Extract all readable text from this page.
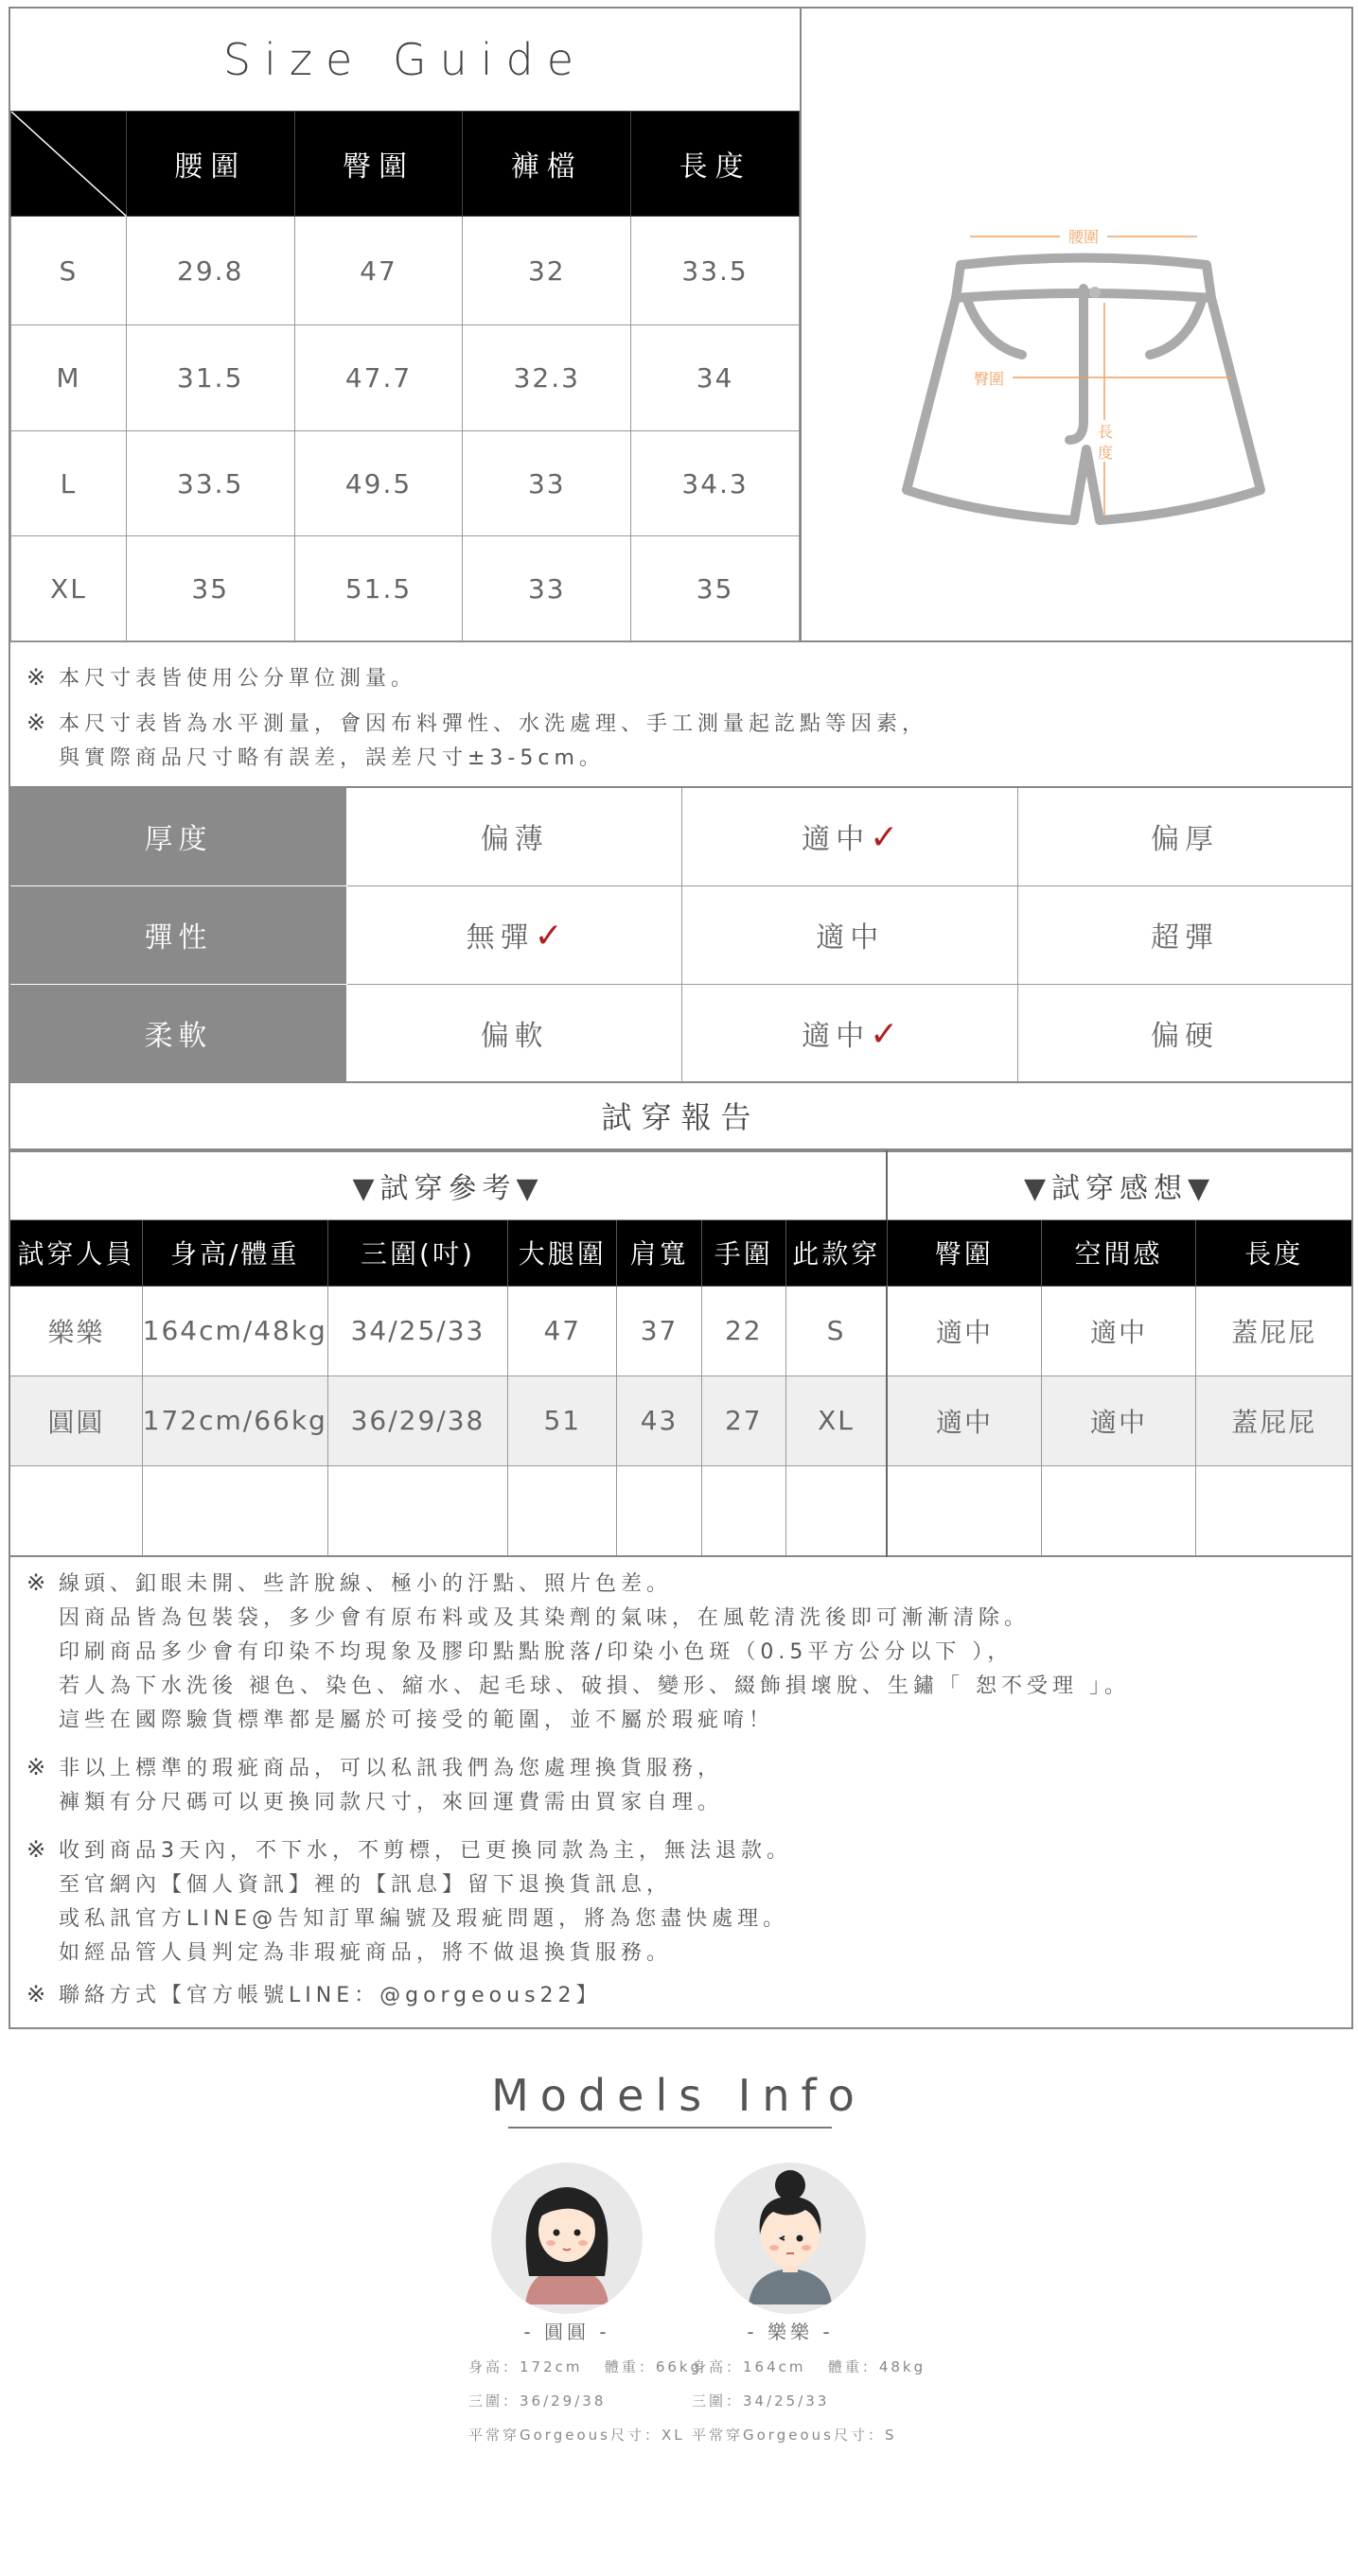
Size Guide
	腰圍	臀圍	褲檔	長度
S	29.8	47	32	33.5
M	31.5	47.7	32.3	34
L	33.5	49.5	33	34.3
XL	35	51.5	33	35
腰圍
臀圍
長
度
※ 本尺寸表皆使用公分單位測量。
※ 本尺寸表皆為水平測量，會因布料彈性、水洗處理、手工測量起訖點等因素，
與實際商品尺寸略有誤差，誤差尺寸±3-5cm。
厚度	偏薄	適中✓	偏厚
彈性	無彈✓	適中	超彈
柔軟	偏軟	適中✓	偏硬
試穿報告
▼試穿參考▼							▼試穿感想▼		
試穿人員	身高/體重	三圍(吋)	大腿圍	肩寬	手圍	此款穿	臀圍	空間感	長度
樂樂	164cm/48kg	34/25/33	47	37	22	S	適中	適中	蓋屁屁
圓圓	172cm/66kg	36/29/38	51	43	27	XL	適中	適中	蓋屁屁

※ 線頭、釦眼未開、些許脫線、極小的汙點、照片色差。
因商品皆為包裝袋，多少會有原布料或及其染劑的氣味，在風乾清洗後即可漸漸清除。
印刷商品多少會有印染不均現象及膠印點點脫落/印染小色斑（0.5平方公分以下 ），
若人為下水洗後 褪色、染色、縮水、起毛球、破損、變形、綴飾損壞脫、生鏽「 恕不受理 」。
這些在國際驗貨標準都是屬於可接受的範圍，並不屬於瑕疵唷！
※ 非以上標準的瑕疵商品，可以私訊我們為您處理換貨服務，
褲類有分尺碼可以更換同款尺寸，來回運費需由買家自理。
※ 收到商品3天內，不下水，不剪標，已更換同款為主，無法退款。
至官網內【個人資訊】裡的【訊息】留下退換貨訊息，
或私訊官方LINE@告知訂單編號及瑕疵問題，將為您盡快處理。
如經品管人員判定為非瑕疵商品，將不做退換貨服務。
※ 聯絡方式【官方帳號LINE：@gorgeous22】
Models Info
- 圓圓 -	- 樂樂 -
身高：172cm 體重：66kg
三圍：36/29/38
平常穿Gorgeous尺寸：XL
身高：164cm 體重：48kg
三圍：34/25/33
平常穿Gorgeous尺寸：S
